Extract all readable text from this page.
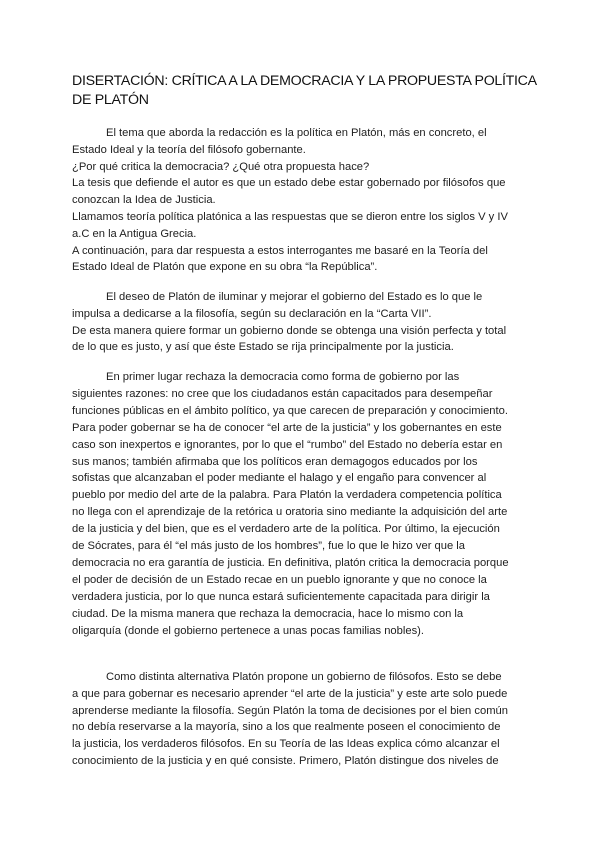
DISERTACIÓN: CRÍTICA A LA DEMOCRACIA Y LA PROPUESTA POLÍTICA
DE PLATÓN
El tema que aborda la redacción es la política en Platón, más en concreto, el
Estado Ideal y la teoría del filósofo gobernante.
¿Por qué critica la democracia? ¿Qué otra propuesta hace?
La tesis que defiende el autor es que un estado debe estar gobernado por filósofos que
conozcan la Idea de Justicia.
Llamamos teoría política platónica a las respuestas que se dieron entre los siglos V y IV
a.C en la Antigua Grecia.
A continuación, para dar respuesta a estos interrogantes me basaré en la Teoría del
Estado Ideal de Platón que expone en su obra “la República”.
El deseo de Platón de iluminar y mejorar el gobierno del Estado es lo que le
impulsa a dedicarse a la filosofía, según su declaración en la “Carta VII”.
De esta manera quiere formar un gobierno donde se obtenga una visión perfecta y total
de lo que es justo, y así que éste Estado se rija principalmente por la justicia.
En primer lugar rechaza la democracia como forma de gobierno por las
siguientes razones: no cree que los ciudadanos están capacitados para desempeñar
funciones públicas en el ámbito político, ya que carecen de preparación y conocimiento.
Para poder gobernar se ha de conocer “el arte de la justicia” y los gobernantes en este
caso son inexpertos e ignorantes, por lo que el “rumbo” del Estado no debería estar en
sus manos; también afirmaba que los políticos eran demagogos educados por los
sofistas que alcanzaban el poder mediante el halago y el engaño para convencer al
pueblo por medio del arte de la palabra. Para Platón la verdadera competencia política
no llega con el aprendizaje de la retórica u oratoria sino mediante la adquisición del arte
de la justicia y del bien, que es el verdadero arte de la política. Por último, la ejecución
de Sócrates, para él “el más justo de los hombres”, fue lo que le hizo ver que la
democracia no era garantía de justicia. En definitiva, platón critica la democracia porque
el poder de decisión de un Estado recae en un pueblo ignorante y que no conoce la
verdadera justicia, por lo que nunca estará suficientemente capacitada para dirigir la
ciudad. De la misma manera que rechaza la democracia, hace lo mismo con la
oligarquía (donde el gobierno pertenece a unas pocas familias nobles).
Como distinta alternativa Platón propone un gobierno de filósofos. Esto se debe
a que para gobernar es necesario aprender “el arte de la justicia” y este arte solo puede
aprenderse mediante la filosofía. Según Platón la toma de decisiones por el bien común
no debía reservarse a la mayoría, sino a los que realmente poseen el conocimiento de
la justicia, los verdaderos filósofos. En su Teoría de las Ideas explica cómo alcanzar el
conocimiento de la justicia y en qué consiste. Primero, Platón distingue dos niveles de
